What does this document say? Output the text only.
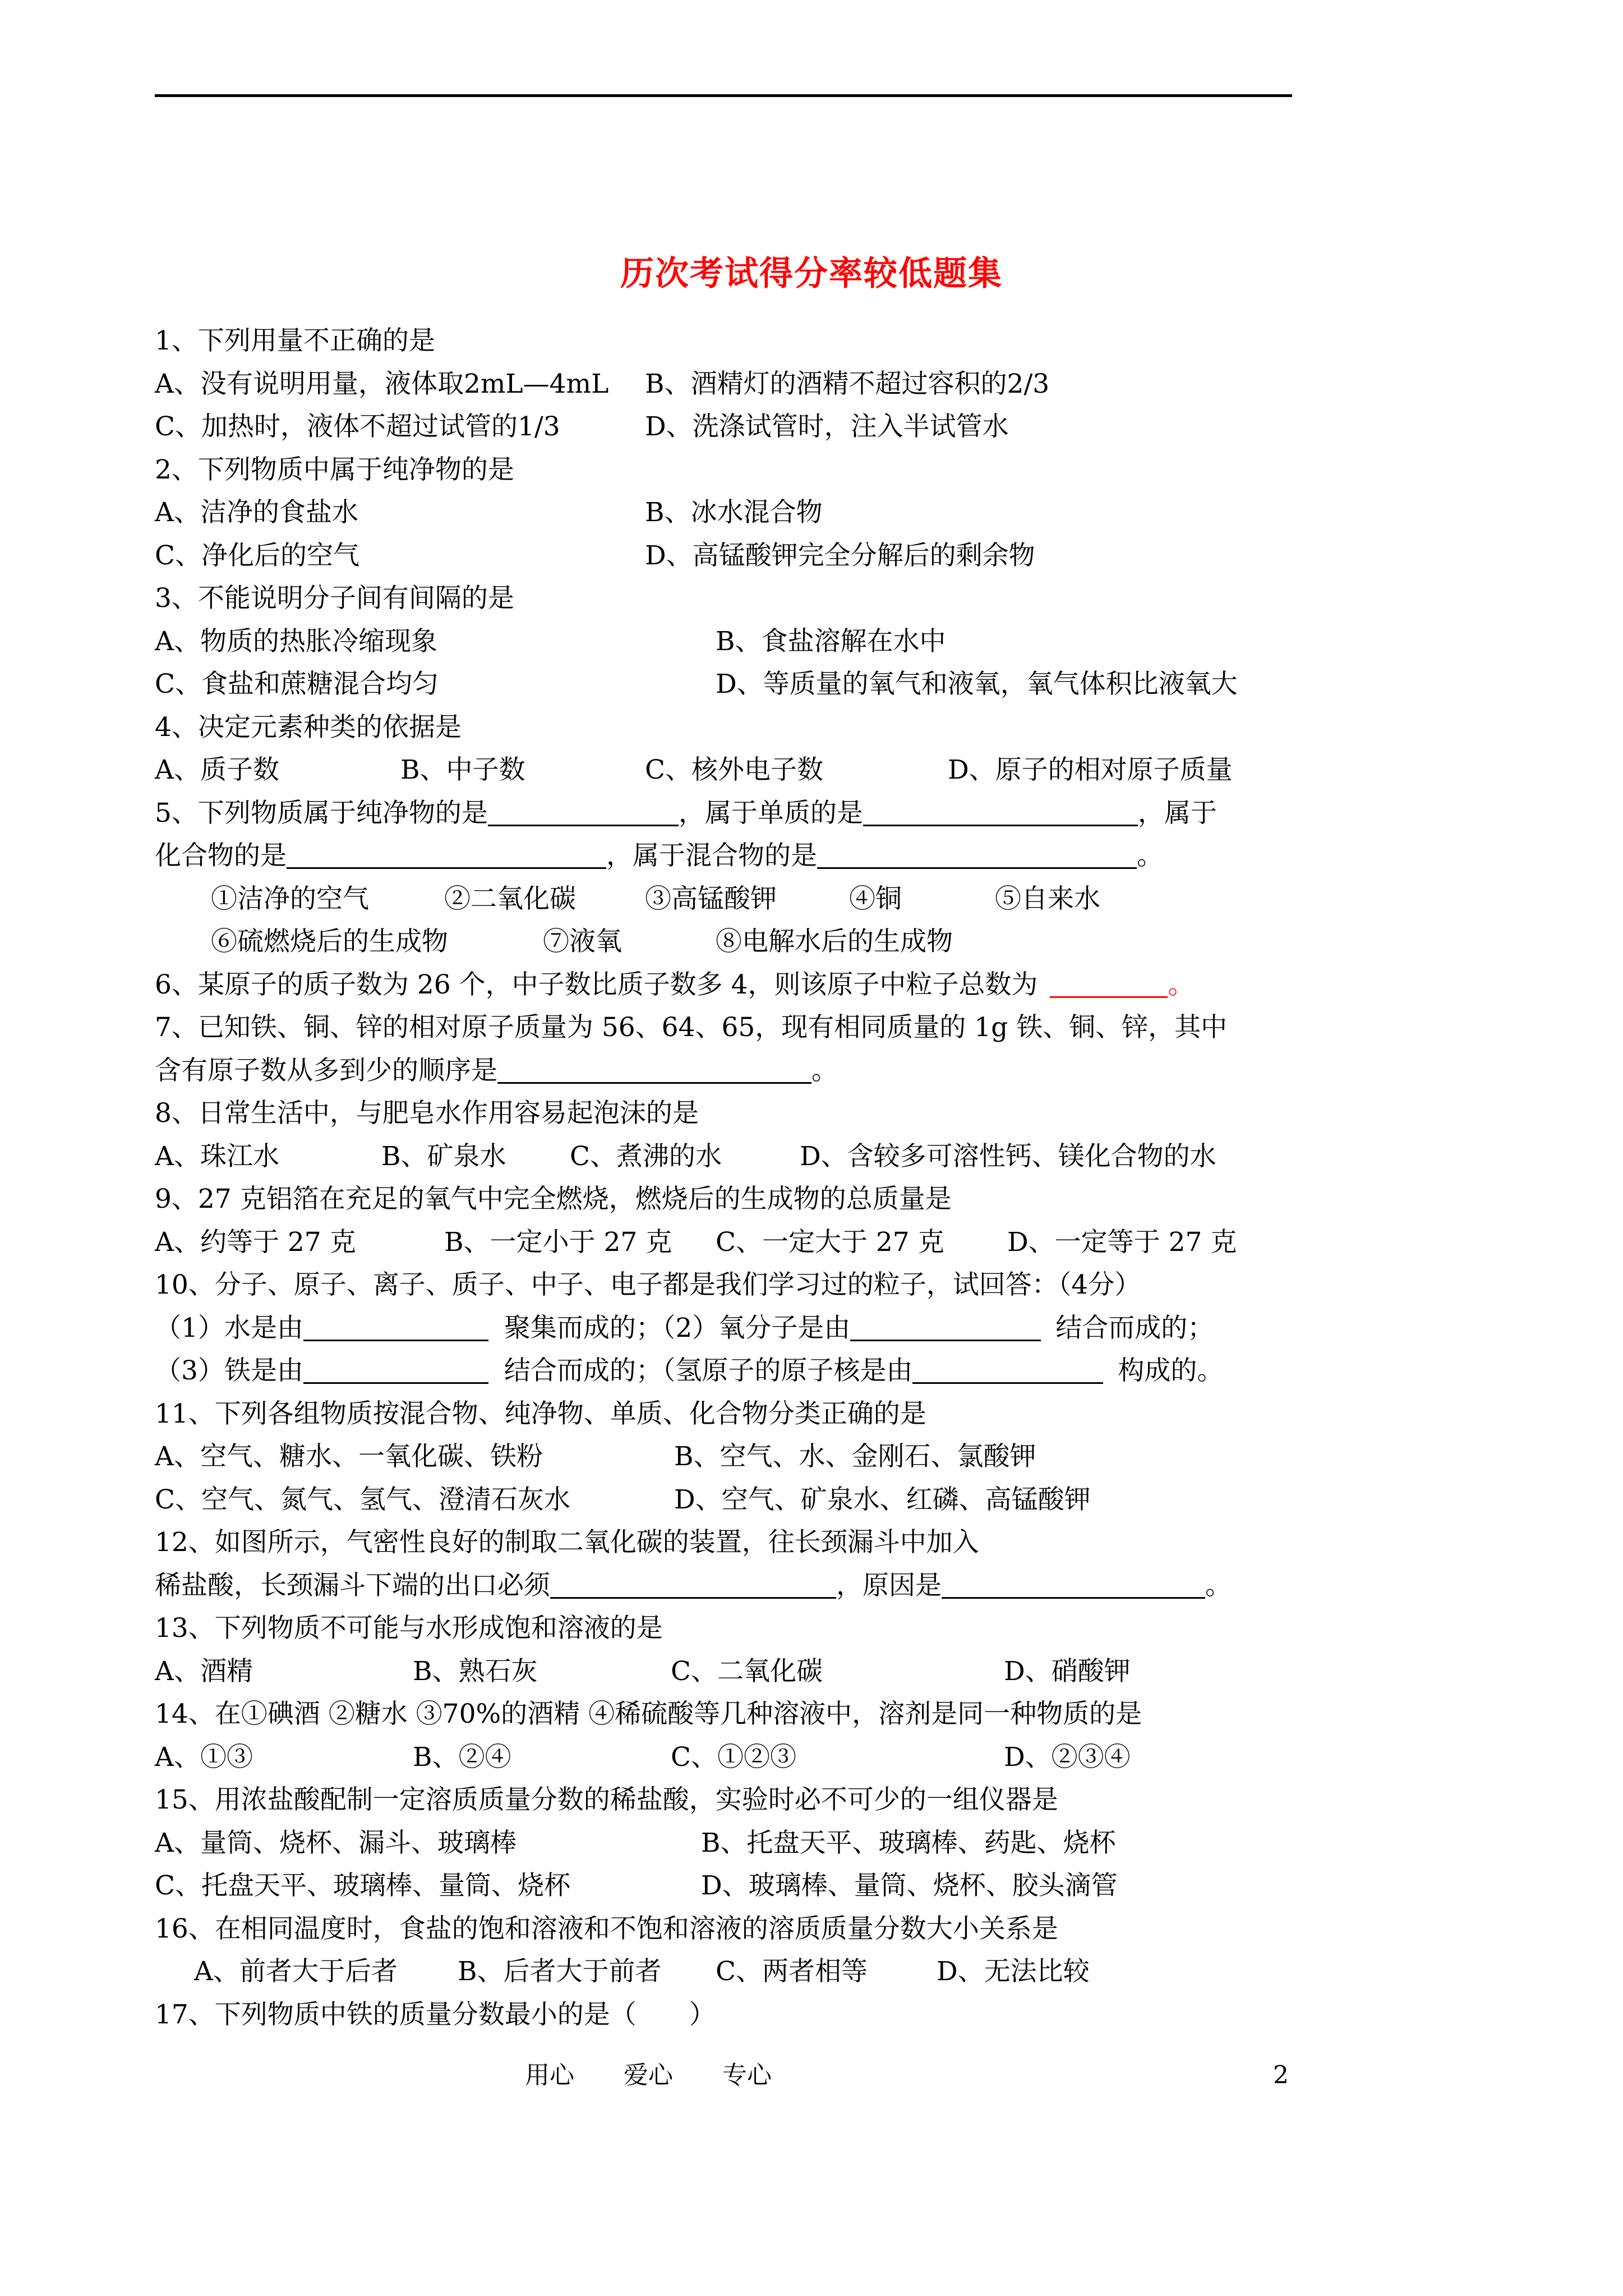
历次考试得分率较低题集
1、下列用量不正确的是
A、没有说明用量，液体取2mL—4mL B、酒精灯的酒精不超过容积的2/3
C、加热时，液体不超过试管的1/3	D、洗涤试管时，注入半试管水
2、下列物质中属于纯净物的是
A、洁净的食盐水	B、冰水混合物
C、净化后的空气	D、高锰酸钾完全分解后的剩余物
3、不能说明分子间有间隔的是
A、物质的热胀冷缩现象	B、食盐溶解在水中
C、食盐和蔗糖混合均匀	D、等质量的氧气和液氧，氧气体积比液氧大
4、决定元素种类的依据是
A、质子数	B、中子数	C、核外电子数	D、原子的相对原子质量
5、下列物质属于纯净物的是	，属于单质的是	，属于
化合物的是	，属于混合物的是	。
①洁净的空气	②二氧化碳	③高锰酸钾	④铜	⑤自来水
⑥硫燃烧后的生成物	⑦液氧	⑧电解水后的生成物
6、某原子的质子数为 26 个，中子数比质子数多 4，则该原子中粒子总数为	。
7、已知铁、铜、锌的相对原子质量为 56、64、65，现有相同质量的 1g 铁、铜、锌，其中
含有原子数从多到少的顺序是	。
8、日常生活中，与肥皂水作用容易起泡沫的是
A、珠江水	B、矿泉水 C、煮沸的水	D、含较多可溶性钙、镁化合物的水
9、27 克铝箔在充足的氧气中完全燃烧，燃烧后的生成物的总质量是
A、约等于 27 克	B、一定小于 27 克 C、一定大于 27 克 D、一定等于 27 克
10、分子、原子、离子、质子、中子、电子都是我们学习过的粒子，试回答：（4分）
（1）水是由	聚集而成的；（2）氧分子是由	结合而成的；
（3）铁是由	结合而成的；（氢原子的原子核是由	构成的。
11、下列各组物质按混合物、纯净物、单质、化合物分类正确的是
A、空气、糖水、一氧化碳、铁粉	B、空气、水、金刚石、氯酸钾
C、空气、氮气、氢气、澄清石灰水	D、空气、矿泉水、红磷、高锰酸钾
12、如图所示，气密性良好的制取二氧化碳的装置，往长颈漏斗中加入
稀盐酸，长颈漏斗下端的出口必须	，原因是	。
13、下列物质不可能与水形成饱和溶液的是
A、酒精	B、熟石灰	C、二氧化碳	D、硝酸钾
14、在①碘酒 ②糖水 ③70%的酒精 ④稀硫酸等几种溶液中，溶剂是同一种物质的是
A、①③	B、②④	C、①②③	D、②③④
15、用浓盐酸配制一定溶质质量分数的稀盐酸，实验时必不可少的一组仪器是
A、量筒、烧杯、漏斗、玻璃棒	B、托盘天平、玻璃棒、药匙、烧杯
C、托盘天平、玻璃棒、量筒、烧杯	D、玻璃棒、量筒、烧杯、胶头滴管
16、在相同温度时，食盐的饱和溶液和不饱和溶液的溶质质量分数大小关系是
A、前者大于后者 B、后者大于前者 C、两者相等	D、无法比较
17、下列物质中铁的质量分数最小的是（　　）
用心　　爱心　　专心	2
